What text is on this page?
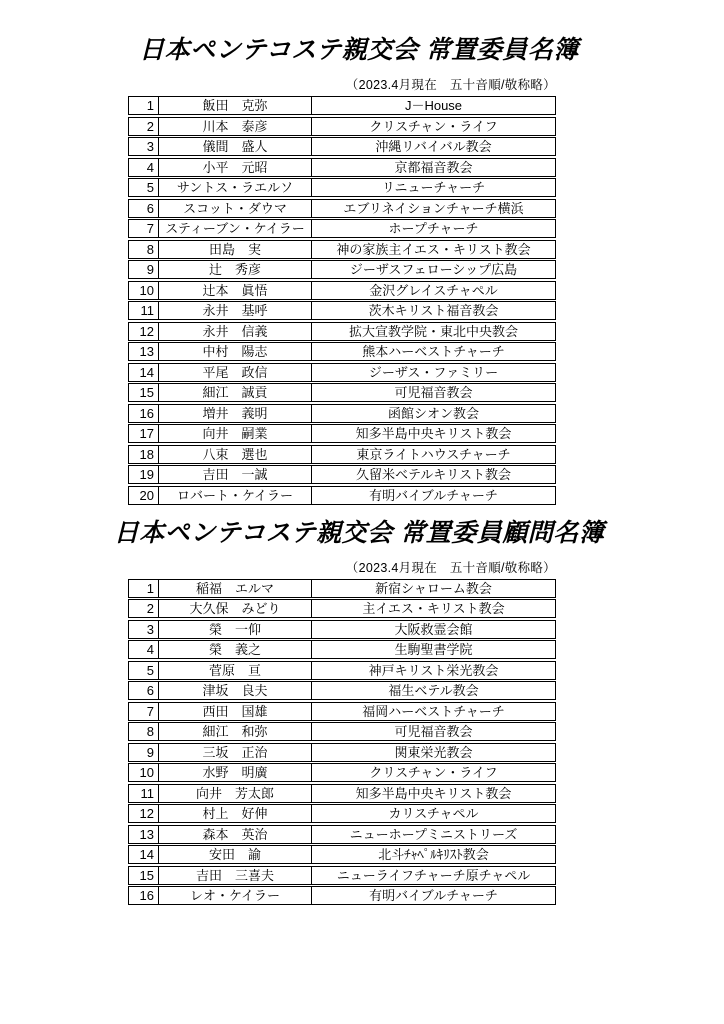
日本ペンテコステ親交会 常置委員名簿
（2023.4月現在　五十音順/敬称略）
1	飯田　克弥	J－House
2	川本　泰彦	クリスチャン・ライフ
3	儀間　盛人	沖縄リバイバル教会
4	小平　元昭	京都福音教会
5	サントス・ラエルソ	リニューチャーチ
6	スコット・ダウマ	エブリネイションチャーチ横浜
7 スティーブン・ケイラー	ホープチャーチ
8	田島　実	神の家族主イエス・キリスト教会
9	辻　秀彦	ジーザスフェローシップ広島
10	辻本　眞悟	金沢グレイスチャペル
11	永井　基呼	茨木キリスト福音教会
12	永井　信義	拡大宣教学院・東北中央教会
13	中村　陽志	熊本ハーベストチャーチ
14	平尾　政信	ジーザス・ファミリー
15	細江　誠貢	可児福音教会
16	増井　義明	函館シオン教会
17	向井　嗣業	知多半島中央キリスト教会
18	八束　選也	東京ライトハウスチャーチ
19	吉田　一誠	久留米ベテルキリスト教会
20	ロバート・ケイラー	有明バイブルチャーチ
日本ペンテコステ親交会 常置委員顧問名簿
（2023.4月現在　五十音順/敬称略）
1	稲福　エルマ	新宿シャローム教会
2	大久保　みどり	主イエス・キリスト教会
3	榮　一仰	大阪救霊会館
4	榮　義之	生駒聖書学院
5	菅原　亘	神戸キリスト栄光教会
6	津坂　良夫	福生ベテル教会
7	西田　国雄	福岡ハーベストチャーチ
8	細江　和弥	可児福音教会
9	三坂　正治	関東栄光教会
10	水野　明廣	クリスチャン・ライフ
11	向井　芳太郎	知多半島中央キリスト教会
12	村上　好伸	カリスチャペル
13	森本　英治	ニューホープミニストリーズ
14	安田　諭	北斗ﾁｬﾍﾟﾙｷﾘｽﾄ教会
15	吉田　三喜夫	ニューライフチャーチ原チャペル
16	レオ・ケイラー	有明バイブルチャーチ
